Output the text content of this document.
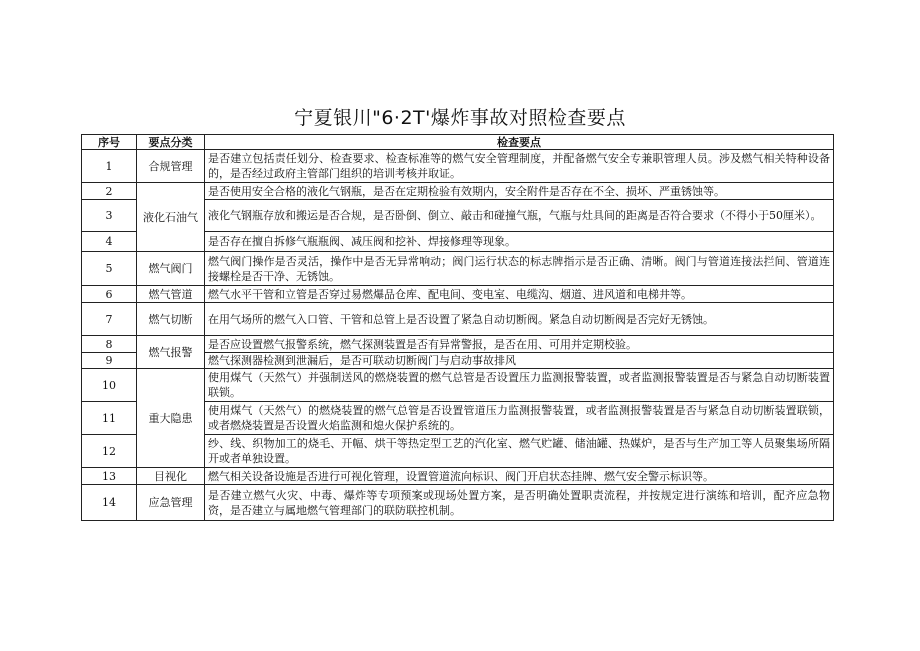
宁夏银川"6·2T'爆炸事故对照检查要点
序号	要点分类	检查要点
1	合规管理	是否建立包括责任划分、检查要求、检查标准等的燃气安全管理制度，并配备燃气安全专兼职管理人员。涉及燃气相关特种设备的，是否经过政府主管部门组织的培训考核并取证。
2	液化石油气	是否使用安全合格的液化气钢瓶，是否在定期检验有效期内，安全附件是否存在不全、损坏、严重锈蚀等。
3		液化气钢瓶存放和搬运是否合规，是否卧倒、倒立、敲击和碰撞气瓶，气瓶与灶具间的距离是否符合要求（不得小于50厘米）。
4		是否存在擅自拆修气瓶瓶阀、减压阀和挖补、焊接修理等现象。
5	燃气阀门	燃气阀门操作是否灵活，操作中是否无异常响动；阀门运行状态的标志牌指示是否正确、清晰。阀门与管道连接法拦间、管道连接螺栓是否干净、无锈蚀。
6	燃气管道	燃气水平干管和立管是否穿过易燃爆品仓库、配电间、变电室、电缆沟、烟道、进风道和电梯井等。
7	燃气切断	在用气场所的燃气入口管、干管和总管上是否设置了紧急自动切断阀。紧急自动切断阀是否完好无锈蚀。
8	燃气报警	是否应设置燃气报警系统，燃气探测装置是否有异常警报，是否在用、可用并定期校验。
9		燃气探测器检测到泄漏后，是否可联动切断阀门与启动事故排风
10	重大隐患	使用煤气（天然气）并强制送风的燃烧装置的燃气总管是否设置压力监测报警装置，或者监测报警装置是否与紧急自动切断装置联锁。
11		使用煤气（天然气）的燃烧装置的燃气总管是否设置管道压力监测报警装置，或者监测报警装置是否与紧急自动切断装置联锁，或者燃烧装置是否设置火焰监测和熄火保护系统的。
12		纱、线、织物加工的烧毛、开幅、烘干等热定型工艺的汽化室、燃气贮罐、储油罐、热媒炉，是否与生产加工等人员聚集场所隔开或者单独设置。
13	目视化	燃气相关设备设施是否进行可视化管理，设置管道流向标识、阀门开启状态挂牌、燃气安全警示标识等。
14	应急管理	是否建立燃气火灾、中毒、爆炸等专项预案或现场处置方案，是否明确处置职责流程，并按规定进行演练和培训，配齐应急物资，是否建立与属地燃气管理部门的联防联控机制。
